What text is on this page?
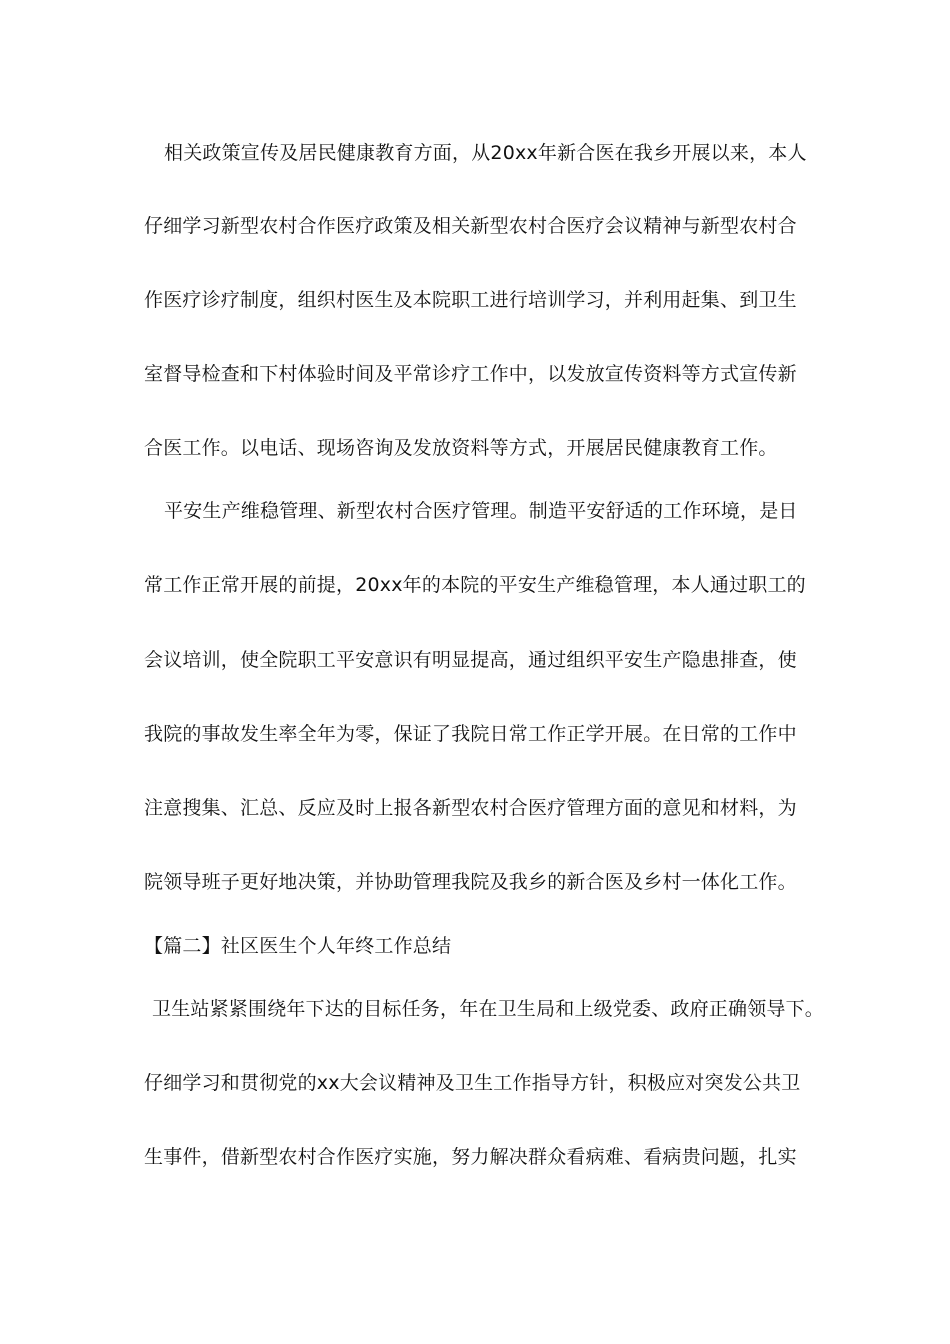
相关政策宣传及居民健康教育方面，从20xx年新合医在我乡开展以来，本人
仔细学习新型农村合作医疗政策及相关新型农村合医疗会议精神与新型农村合
作医疗诊疗制度，组织村医生及本院职工进行培训学习，并利用赶集、到卫生
室督导检查和下村体验时间及平常诊疗工作中，以发放宣传资料等方式宣传新
合医工作。以电话、现场咨询及发放资料等方式，开展居民健康教育工作。
平安生产维稳管理、新型农村合医疗管理。制造平安舒适的工作环境，是日
常工作正常开展的前提，20xx年的本院的平安生产维稳管理，本人通过职工的
会议培训，使全院职工平安意识有明显提高，通过组织平安生产隐患排查，使
我院的事故发生率全年为零，保证了我院日常工作正学开展。在日常的工作中
注意搜集、汇总、反应及时上报各新型农村合医疗管理方面的意见和材料，为
院领导班子更好地决策，并协助管理我院及我乡的新合医及乡村一体化工作。
【篇二】社区医生个人年终工作总结
卫生站紧紧围绕年下达的目标任务，年在卫生局和上级党委、政府正确领导下。
仔细学习和贯彻党的xx大会议精神及卫生工作指导方针，积极应对突发公共卫
生事件，借新型农村合作医疗实施，努力解决群众看病难、看病贵问题，扎实
